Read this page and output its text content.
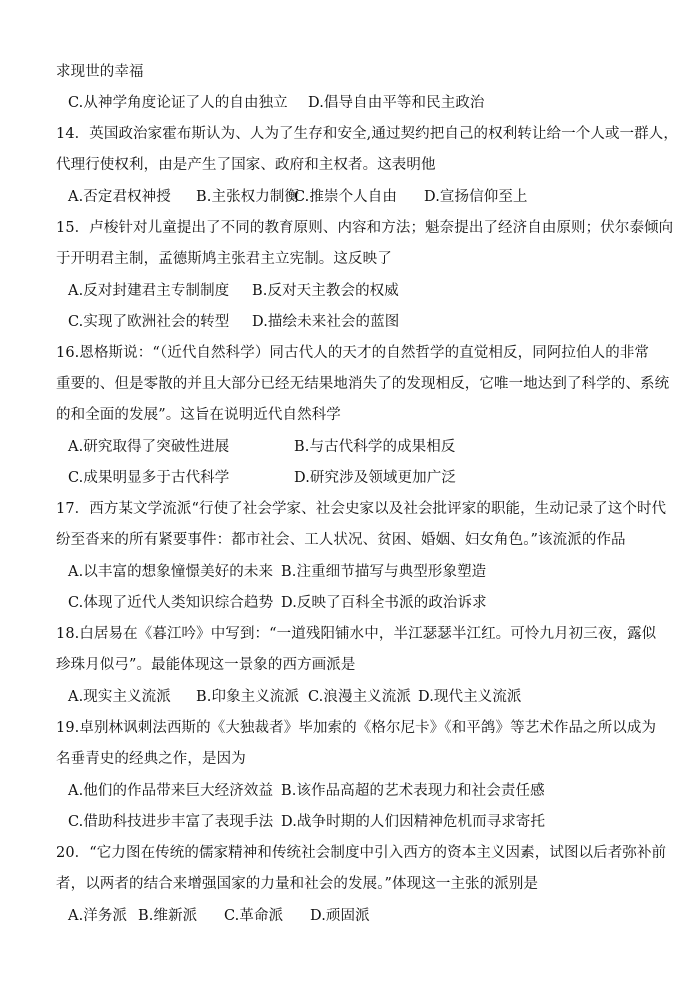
求现世的幸福
C.从神学角度论证了人的自由独立 D.倡导自由平等和民主政治
14．英国政治家霍布斯认为、人为了生存和安全,通过契约把自己的权利转让给一个人或一群人，
代理行使权利，由是产生了国家、政府和主权者。这表明他
A.否定君权神授 B.主张权力制衡
C.推崇个人自由 D.宣扬信仰至上
15．卢梭针对儿童提出了不同的教育原则、内容和方法；魁奈提出了经济自由原则；伏尔泰倾向
于开明君主制，孟德斯鸠主张君主立宪制。这反映了
A.反对封建君主专制制度 B.反对天主教会的权威
C.实现了欧洲社会的转型 D.描绘未来社会的蓝图
16.恩格斯说：“（近代自然科学）同古代人的天才的自然哲学的直觉相反，同阿拉伯人的非常
重要的、但是零散的并且大部分已经无结果地消失了的发现相反，它唯一地达到了科学的、系统
的和全面的发展”。这旨在说明近代自然科学
A.研究取得了突破性进展	B.与古代科学的成果相反
C.成果明显多于古代科学	D.研究涉及领域更加广泛
17．西方某文学流派“行使了社会学家、社会史家以及社会批评家的职能，生动记录了这个时代
纷至沓来的所有紧要事件：都市社会、工人状况、贫困、婚姻、妇女角色。”该流派的作品
A.以丰富的想象憧憬美好的未来 B.注重细节描写与典型形象塑造
C.体现了近代人类知识综合趋势 D.反映了百科全书派的政治诉求
18.白居易在《暮江吟》中写到：“一道残阳铺水中，半江瑟瑟半江红。可怜九月初三夜，露似
珍珠月似弓”。最能体现这一景象的西方画派是
A.现实主义流派 B.印象主义流派 C.浪漫主义流派 D.现代主义流派
19.卓别林讽刺法西斯的《大独裁者》毕加索的《格尔尼卡》《和平鸽》等艺术作品之所以成为
名垂青史的经典之作，是因为
A.他们的作品带来巨大经济效益 B.该作品高超的艺术表现力和社会责任感
C.借助科技进步丰富了表现手法 D.战争时期的人们因精神危机而寻求寄托
20．“它力图在传统的儒家精神和传统社会制度中引入西方的资本主义因素，试图以后者弥补前
者，以两者的结合来增强国家的力量和社会的发展。”体现这一主张的派别是
A.洋务派 B.维新派 C.革命派 D.顽固派
